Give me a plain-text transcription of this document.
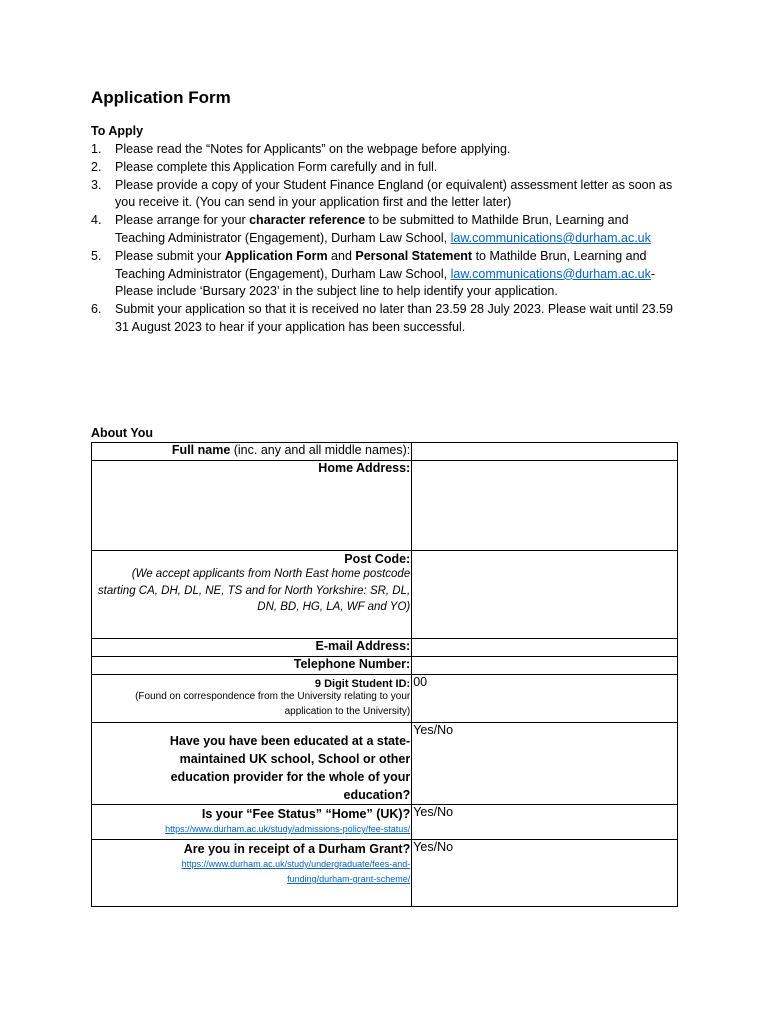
Application Form
To Apply
1. Please read the “Notes for Applicants” on the webpage before applying.
2. Please complete this Application Form carefully and in full.
3. Please provide a copy of your Student Finance England (or equivalent) assessment letter as soon as you receive it. (You can send in your application first and the letter later)
4. Please arrange for your character reference to be submitted to Mathilde Brun, Learning and Teaching Administrator (Engagement), Durham Law School, law.communications@durham.ac.uk
5. Please submit your Application Form and Personal Statement to Mathilde Brun, Learning and Teaching Administrator (Engagement), Durham Law School, law.communications@durham.ac.uk- Please include ‘Bursary 2023’ in the subject line to help identify your application.
6. Submit your application so that it is received no later than 23.59 28 July 2023. Please wait until 23.59 31 August 2023 to hear if your application has been successful.
About You
Full name (inc. any and all middle names):	
Home Address:	

Post Code:
(We accept applicants from North East home postcode starting CA, DH, DL, NE, TS and for North Yorkshire: SR, DL, DN, BD, HG, LA, WF and YO)	

E-mail Address:	
Telephone Number:	

9 Digit Student ID:
(Found on correspondence from the University relating to your application to the University)	00

Have you have been educated at a state-maintained UK school, School or other education provider for the whole of your education?	Yes/No

Is your “Fee Status” “Home” (UK)?
https://www.durham.ac.uk/study/admissions-policy/fee-status/	Yes/No

Are you in receipt of a Durham Grant?
https://www.durham.ac.uk/study/undergraduate/fees-and-funding/durham-grant-scheme/	Yes/No
